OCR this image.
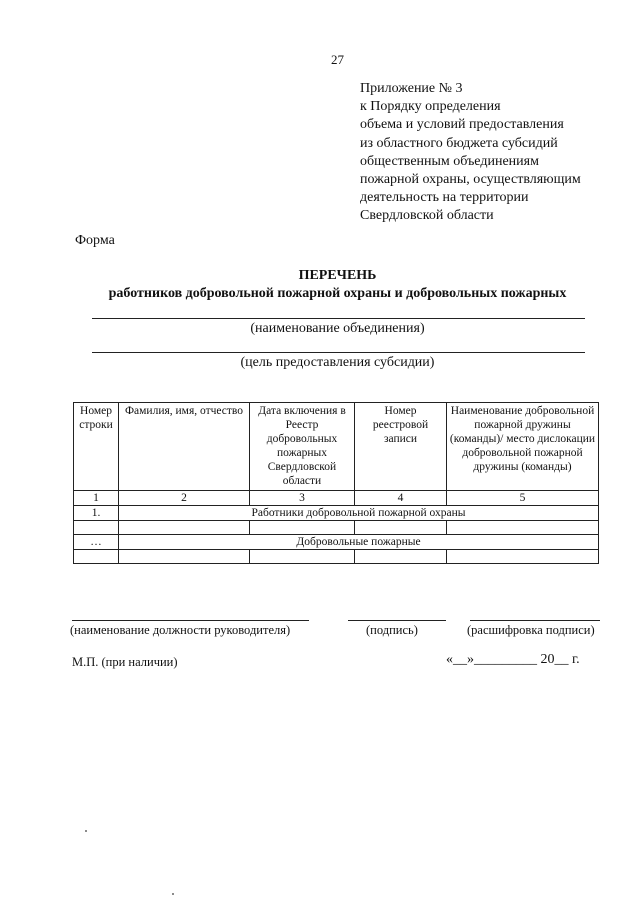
27
Приложение № 3
к Порядку определения
объема и условий предоставления
из областного бюджета субсидий
общественным объединениям
пожарной охраны, осуществляющим
деятельность на территории
Свердловской области
Форма
ПЕРЕЧЕНЬ
работников добровольной пожарной охраны и добровольных пожарных
(наименование объединения)
(цель предоставления субсидии)
Номер строки	Фамилия, имя, отчество	Дата включения в Реестр добровольных пожарных Свердловской области	Номер реестровой записи	Наименование добровольной пожарной дружины (команды)/ место дислокации добровольной пожарной дружины (команды)
1	2	3	4	5
1.	Работники добровольной пожарной охраны			

…	Добровольные пожарные			

(наименование должности руководителя)	(подпись)	(расшифровка подписи)
М.П. (при наличии)	«__»_________ 20__ г.
